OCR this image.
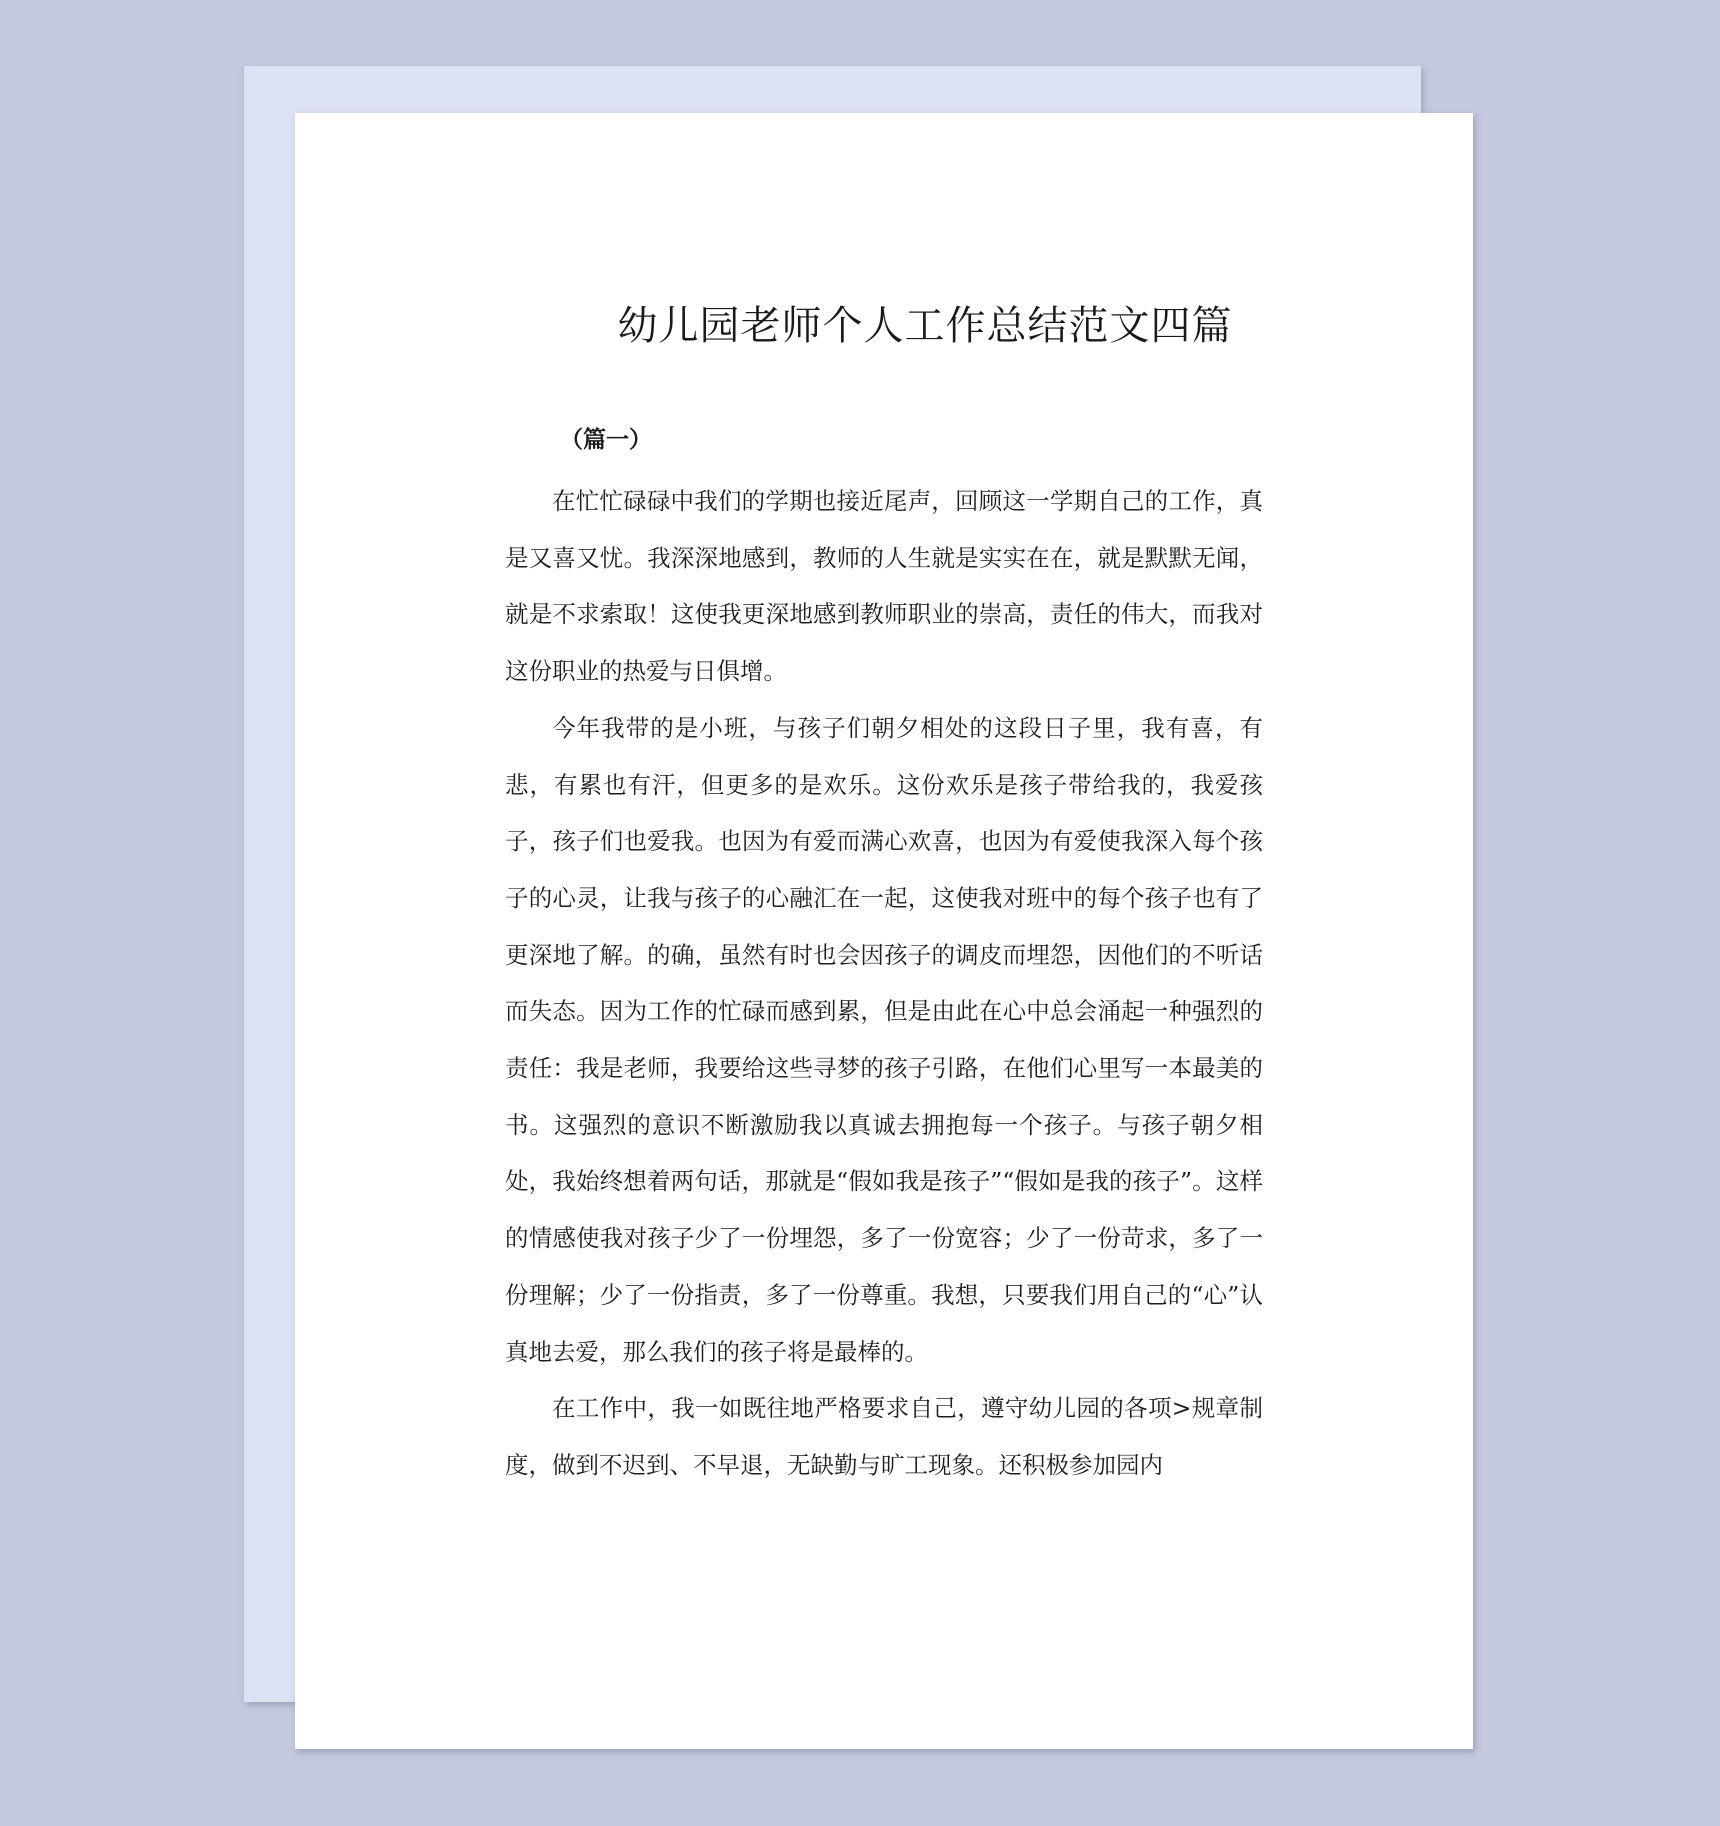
幼儿园老师个人工作总结范文四篇
（篇一）

在忙忙碌碌中我们的学期也接近尾声，回顾这一学期自己的工作，真是又喜又忧。我深深地感到，教师的人生就是实实在在，就是默默无闻，就是不求索取！这使我更深地感到教师职业的崇高，责任的伟大，而我对这份职业的热爱与日俱增。

今年我带的是小班，与孩子们朝夕相处的这段日子里，我有喜，有悲，有累也有汗，但更多的是欢乐。这份欢乐是孩子带给我的，我爱孩子，孩子们也爱我。也因为有爱而满心欢喜，也因为有爱使我深入每个孩子的心灵，让我与孩子的心融汇在一起，这使我对班中的每个孩子也有了更深地了解。的确，虽然有时也会因孩子的调皮而埋怨，因他们的不听话而失态。因为工作的忙碌而感到累，但是由此在心中总会涌起一种强烈的责任：我是老师，我要给这些寻梦的孩子引路，在他们心里写一本最美的书。这强烈的意识不断激励我以真诚去拥抱每一个孩子。与孩子朝夕相处，我始终想着两句话，那就是“假如我是孩子”“假如是我的孩子”。这样的情感使我对孩子少了一份埋怨，多了一份宽容；少了一份苛求，多了一份理解；少了一份指责，多了一份尊重。我想，只要我们用自己的“心”认真地去爱，那么我们的孩子将是最棒的。

在工作中，我一如既往地严格要求自己，遵守幼儿园的各项>规章制度，做到不迟到、不早退，无缺勤与旷工现象。还积极参加园内
